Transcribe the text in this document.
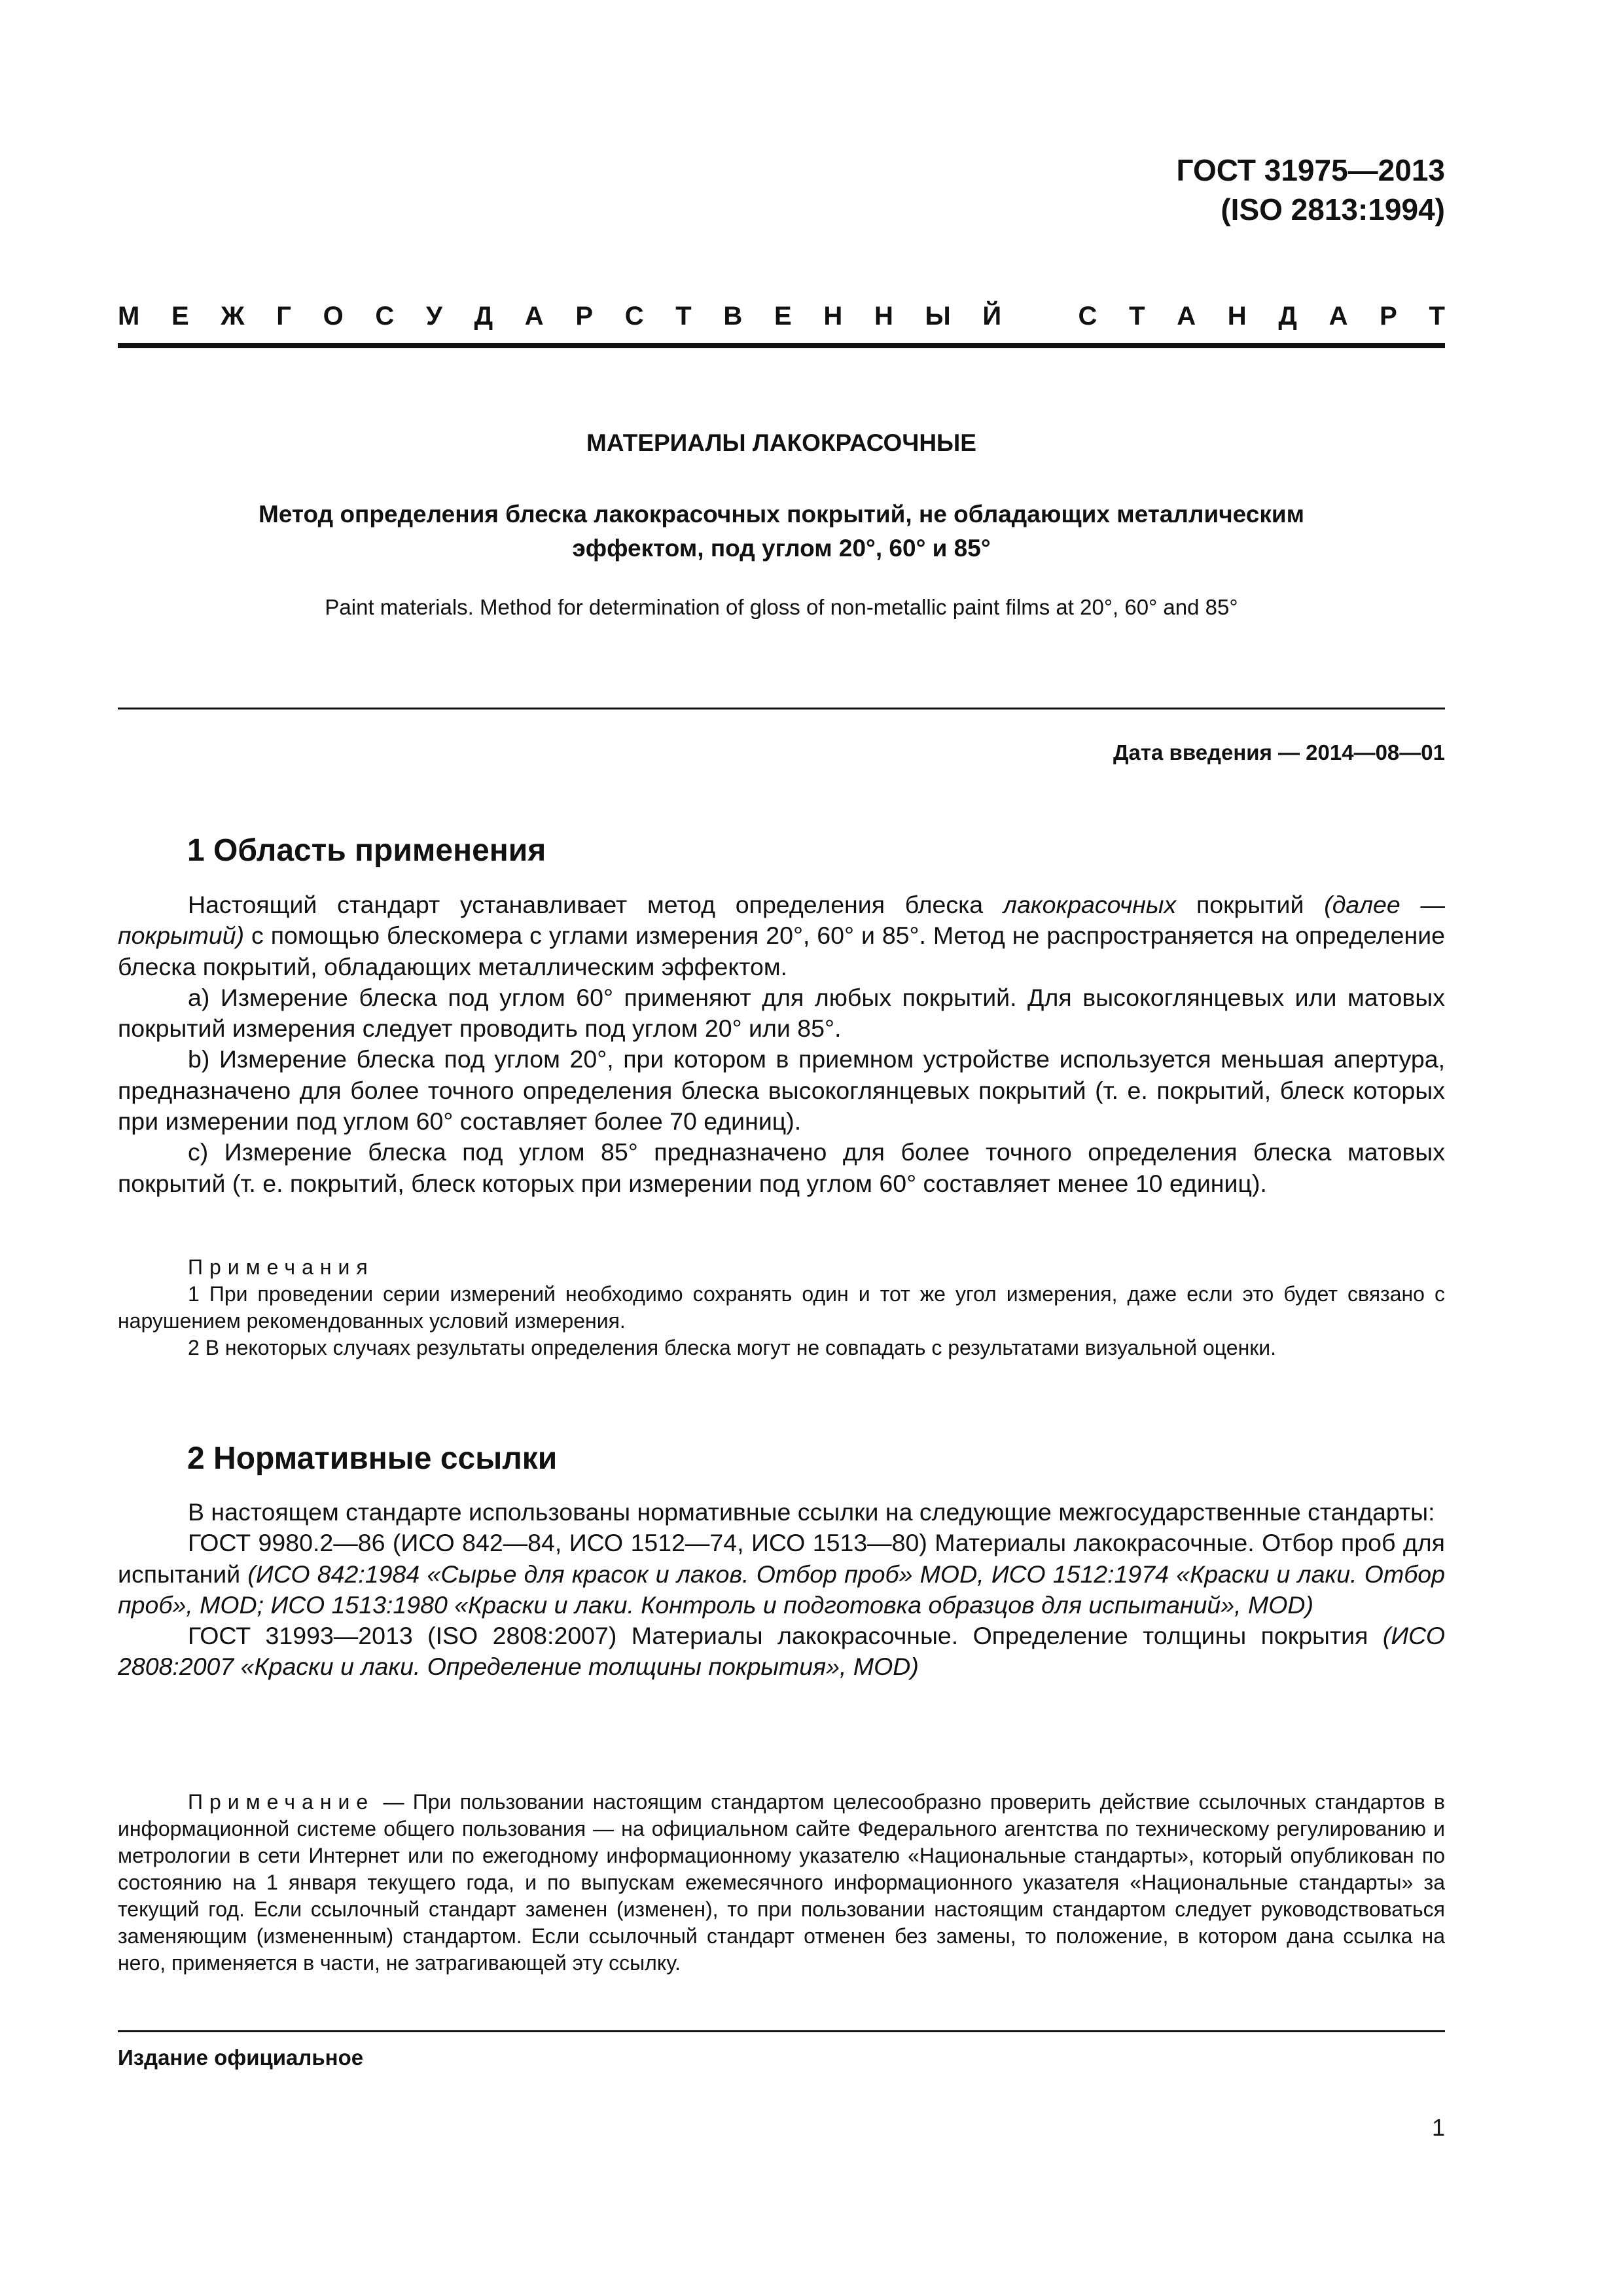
ГОСТ 31975—2013
(ISO 2813:1994)
М Е Ж Г О С У Д А Р С Т В Е Н Н Ы Й	С Т А Н Д А Р Т
МАТЕРИАЛЫ ЛАКОКРАСОЧНЫЕ
Метод определения блеска лакокрасочных покрытий, не обладающих металлическим
эффектом, под углом 20°, 60° и 85°
Paint materials. Method for determination of gloss of non-metallic paint films at 20°, 60° and 85°
Дата введения — 2014—08—01
1 Область применения

Настоящий стандарт устанавливает метод определения блеска лакокрасочных покрытий (далее — покрытий) с помощью блескомера с углами измерения 20°, 60° и 85°. Метод не распространяется на определение блеска покрытий, обладающих металлическим эффектом.

a) Измерение блеска под углом 60° применяют для любых покрытий. Для высокоглянцевых или матовых покрытий измерения следует проводить под углом 20° или 85°.

b) Измерение блеска под углом 20°, при котором в приемном устройстве используется меньшая апертура, предназначено для более точного определения блеска высокоглянцевых покрытий (т. е. покрытий, блеск которых при измерении под углом 60° составляет более 70 единиц).

c) Измерение блеска под углом 85° предназначено для более точного определения блеска матовых покрытий (т. е. покрытий, блеск которых при измерении под углом 60° составляет менее 10 единиц).

Примечания

1 При проведении серии измерений необходимо сохранять один и тот же угол измерения, даже если это будет связано с нарушением рекомендованных условий измерения.

2 В некоторых случаях результаты определения блеска могут не совпадать с результатами визуальной оценки.

2 Нормативные ссылки

В настоящем стандарте использованы нормативные ссылки на следующие межгосударственные стандарты:

ГОСТ 9980.2—86 (ИСО 842—84, ИСО 1512—74, ИСО 1513—80) Материалы лакокрасочные. Отбор проб для испытаний (ИСО 842:1984 «Сырье для красок и лаков. Отбор проб» MOD, ИСО 1512:1974 «Краски и лаки. Отбор проб», MOD; ИСО 1513:1980 «Краски и лаки. Контроль и подготовка образцов для испытаний», MOD)

ГОСТ 31993—2013 (ISO 2808:2007) Материалы лакокрасочные. Определение толщины покрытия (ИСО 2808:2007 «Краски и лаки. Определение толщины покрытия», MOD)

Примечание — При пользовании настоящим стандартом целесообразно проверить действие ссылочных стандартов в информационной системе общего пользования — на официальном сайте Федерального агентства по техническому регулированию и метрологии в сети Интернет или по ежегодному информационному указателю «Национальные стандарты», который опубликован по состоянию на 1 января текущего года, и по выпускам ежемесячного информационного указателя «Национальные стандарты» за текущий год. Если ссылочный стандарт заменен (изменен), то при пользовании настоящим стандартом следует руководствоваться заменяющим (измененным) стандартом. Если ссылочный стандарт отменен без замены, то положение, в котором дана ссылка на него, применяется в части, не затрагивающей эту ссылку.

Издание официальное
1
